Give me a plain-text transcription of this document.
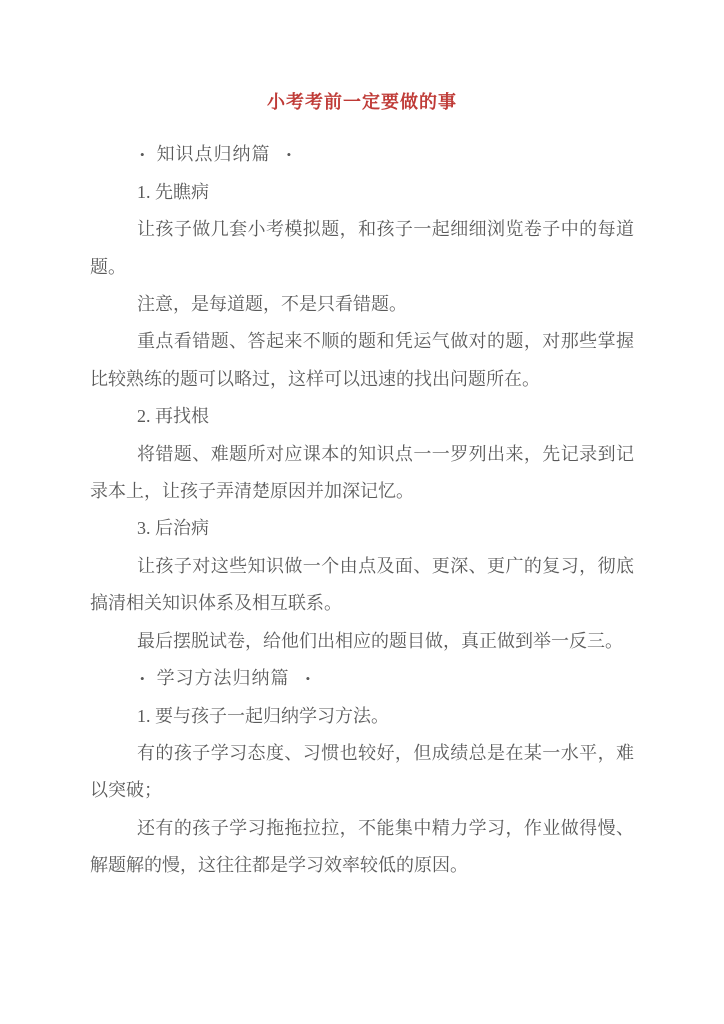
小考考前一定要做的事
• 知识点归纳篇 •

1. 先瞧病

让孩子做几套小考模拟题，和孩子一起细细浏览卷子中的每道题。

注意，是每道题，不是只看错题。

重点看错题、答起来不顺的题和凭运气做对的题，对那些掌握比较熟练的题可以略过，这样可以迅速的找出问题所在。

2. 再找根

将错题、难题所对应课本的知识点一一罗列出来，先记录到记录本上，让孩子弄清楚原因并加深记忆。

3. 后治病

让孩子对这些知识做一个由点及面、更深、更广的复习，彻底搞清相关知识体系及相互联系。

最后摆脱试卷，给他们出相应的题目做，真正做到举一反三。

• 学习方法归纳篇 •

1. 要与孩子一起归纳学习方法。

有的孩子学习态度、习惯也较好，但成绩总是在某一水平，难以突破；

还有的孩子学习拖拖拉拉，不能集中精力学习，作业做得慢、解题解的慢，这往往都是学习效率较低的原因。
